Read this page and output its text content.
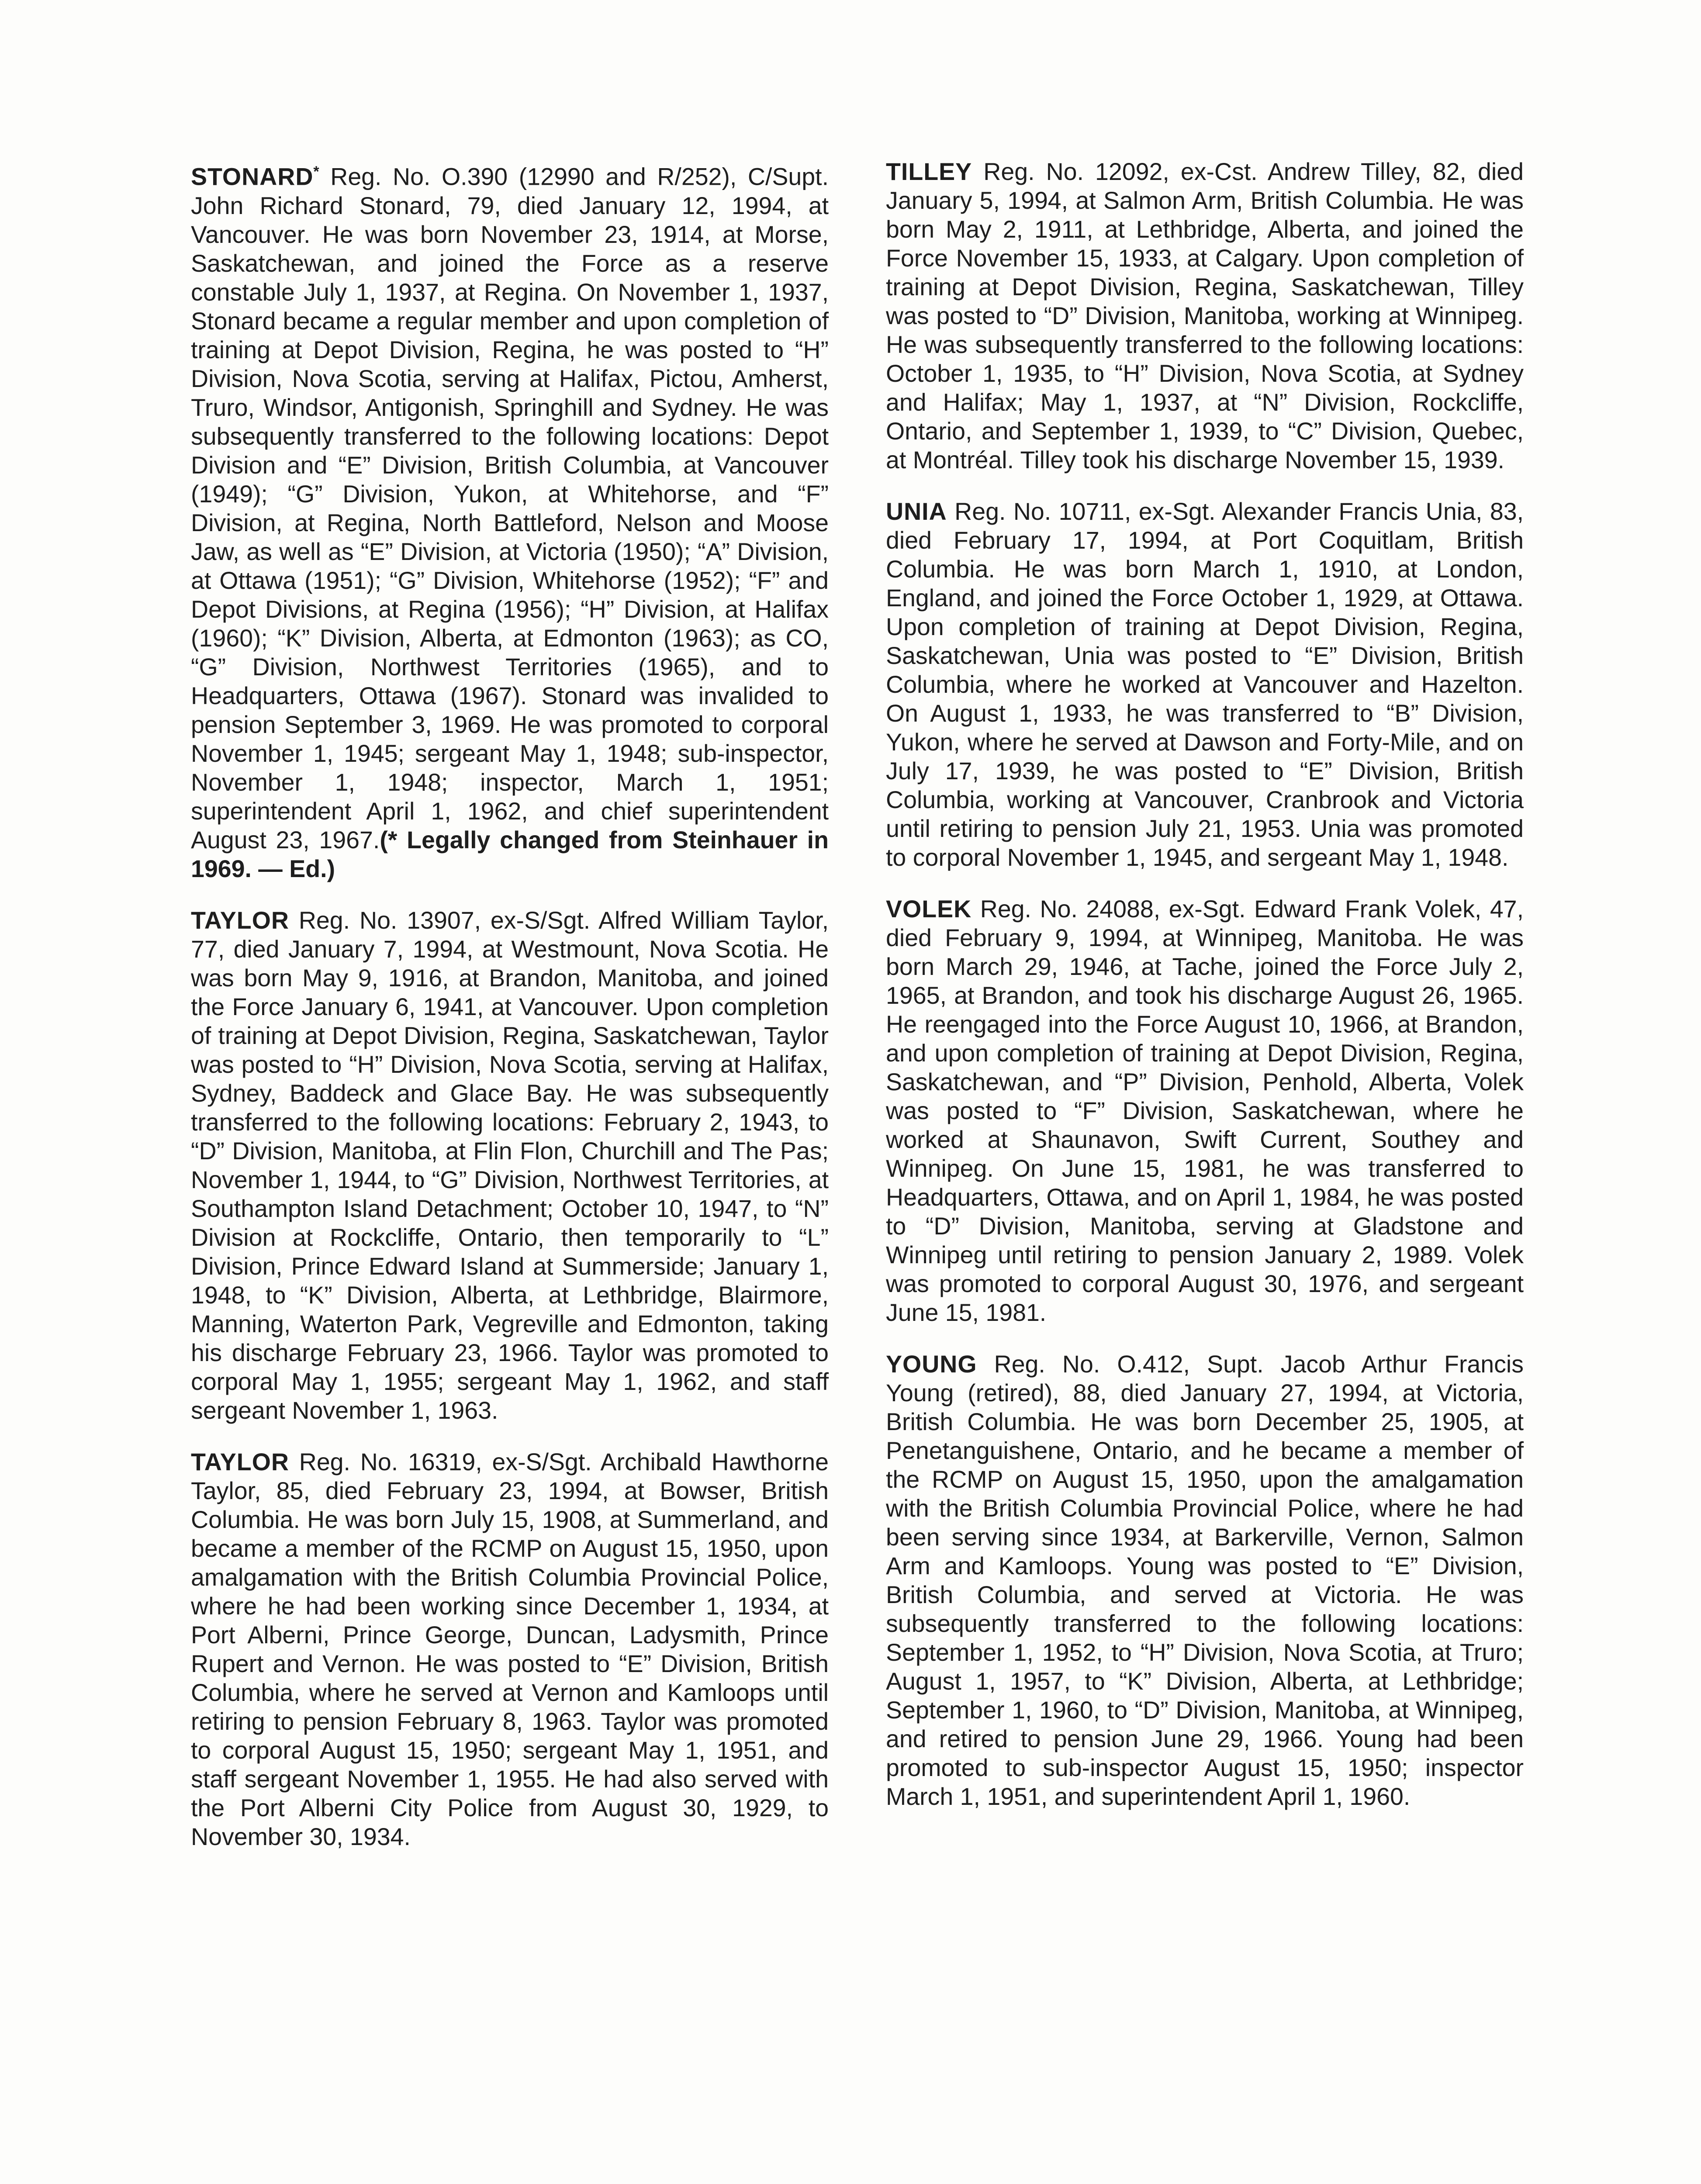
STONARD* Reg. No. O.390 (12990 and R/252), C/Supt. John Richard Stonard, 79, died January 12, 1994, at Vancouver. He was born November 23, 1914, at Morse, Saskatchewan, and joined the Force as a reserve constable July 1, 1937, at Regina. On November 1, 1937, Stonard became a regular member and upon completion of training at Depot Division, Regina, he was posted to “H” Division, Nova Scotia, serving at Halifax, Pictou, Amherst, Truro, Windsor, Antigonish, Springhill and Sydney. He was subsequently transferred to the following locations: Depot Division and “E” Division, British Columbia, at Vancouver (1949); “G” Division, Yukon, at Whitehorse, and “F” Division, at Regina, North Battleford, Nelson and Moose Jaw, as well as “E” Division, at Victoria (1950); “A” Division, at Ottawa (1951); “G” Division, Whitehorse (1952); “F” and Depot Divisions, at Regina (1956); “H” Division, at Halifax (1960); “K” Division, Alberta, at Edmonton (1963); as CO, “G” Division, Northwest Territories (1965), and to Headquarters, Ottawa (1967). Stonard was invalided to pension September 3, 1969. He was promoted to corporal November 1, 1945; sergeant May 1, 1948; sub-inspector, November 1, 1948; inspector, March 1, 1951; superintendent April 1, 1962, and chief superintendent August 23, 1967.(* Legally changed from Steinhauer in 1969. — Ed.)

TAYLOR Reg. No. 13907, ex-S/Sgt. Alfred William Taylor, 77, died January 7, 1994, at Westmount, Nova Scotia. He was born May 9, 1916, at Brandon, Manitoba, and joined the Force January 6, 1941, at Vancouver. Upon completion of training at Depot Division, Regina, Saskatchewan, Taylor was posted to “H” Division, Nova Scotia, serving at Halifax, Sydney, Baddeck and Glace Bay. He was subsequently transferred to the following locations: February 2, 1943, to “D” Division, Manitoba, at Flin Flon, Churchill and The Pas; November 1, 1944, to “G” Division, Northwest Territories, at Southampton Island Detachment; October 10, 1947, to “N” Division at Rockcliffe, Ontario, then temporarily to “L” Division, Prince Edward Island at Summerside; January 1, 1948, to “K” Division, Alberta, at Lethbridge, Blairmore, Manning, Waterton Park, Vegreville and Edmonton, taking his discharge February 23, 1966. Taylor was promoted to corporal May 1, 1955; sergeant May 1, 1962, and staff sergeant November 1, 1963.

TAYLOR Reg. No. 16319, ex-S/Sgt. Archibald Hawthorne Taylor, 85, died February 23, 1994, at Bowser, British Columbia. He was born July 15, 1908, at Summerland, and became a member of the RCMP on August 15, 1950, upon amalgamation with the British Columbia Provincial Police, where he had been working since December 1, 1934, at Port Alberni, Prince George, Duncan, Ladysmith, Prince Rupert and Vernon. He was posted to “E” Division, British Columbia, where he served at Vernon and Kamloops until retiring to pension February 8, 1963. Taylor was promoted to corporal August 15, 1950; sergeant May 1, 1951, and staff sergeant November 1, 1955. He had also served with the Port Alberni City Police from August 30, 1929, to November 30, 1934.

TILLEY Reg. No. 12092, ex-Cst. Andrew Tilley, 82, died January 5, 1994, at Salmon Arm, British Columbia. He was born May 2, 1911, at Lethbridge, Alberta, and joined the Force November 15, 1933, at Calgary. Upon completion of training at Depot Division, Regina, Saskatchewan, Tilley was posted to “D” Division, Manitoba, working at Winnipeg. He was subsequently transferred to the following locations: October 1, 1935, to “H” Division, Nova Scotia, at Sydney and Halifax; May 1, 1937, at “N” Division, Rockcliffe, Ontario, and September 1, 1939, to “C” Division, Quebec, at Montréal. Tilley took his discharge November 15, 1939.

UNIA Reg. No. 10711, ex-Sgt. Alexander Francis Unia, 83, died February 17, 1994, at Port Coquitlam, British Columbia. He was born March 1, 1910, at London, England, and joined the Force October 1, 1929, at Ottawa. Upon completion of training at Depot Division, Regina, Saskatchewan, Unia was posted to “E” Division, British Columbia, where he worked at Vancouver and Hazelton. On August 1, 1933, he was transferred to “B” Division, Yukon, where he served at Dawson and Forty-Mile, and on July 17, 1939, he was posted to “E” Division, British Columbia, working at Vancouver, Cranbrook and Victoria until retiring to pension July 21, 1953. Unia was promoted to corporal November 1, 1945, and sergeant May 1, 1948.

VOLEK Reg. No. 24088, ex-Sgt. Edward Frank Volek, 47, died February 9, 1994, at Winnipeg, Manitoba. He was born March 29, 1946, at Tache, joined the Force July 2, 1965, at Brandon, and took his discharge August 26, 1965. He reengaged into the Force August 10, 1966, at Brandon, and upon completion of training at Depot Division, Regina, Saskatchewan, and “P” Division, Penhold, Alberta, Volek was posted to “F” Division, Saskatchewan, where he worked at Shaunavon, Swift Current, Southey and Winnipeg. On June 15, 1981, he was transferred to Headquarters, Ottawa, and on April 1, 1984, he was posted to “D” Division, Manitoba, serving at Gladstone and Winnipeg until retiring to pension January 2, 1989. Volek was promoted to corporal August 30, 1976, and sergeant June 15, 1981.

YOUNG Reg. No. O.412, Supt. Jacob Arthur Francis Young (retired), 88, died January 27, 1994, at Victoria, British Columbia. He was born December 25, 1905, at Penetanguishene, Ontario, and he became a member of the RCMP on August 15, 1950, upon the amalgamation with the British Columbia Provincial Police, where he had been serving since 1934, at Barkerville, Vernon, Salmon Arm and Kamloops. Young was posted to “E” Division, British Columbia, and served at Victoria. He was subsequently transferred to the following locations: September 1, 1952, to “H” Division, Nova Scotia, at Truro; August 1, 1957, to “K” Division, Alberta, at Lethbridge; September 1, 1960, to “D” Division, Manitoba, at Winnipeg, and retired to pension June 29, 1966. Young had been promoted to sub-inspector August 15, 1950; inspector March 1, 1951, and superintendent April 1, 1960.
